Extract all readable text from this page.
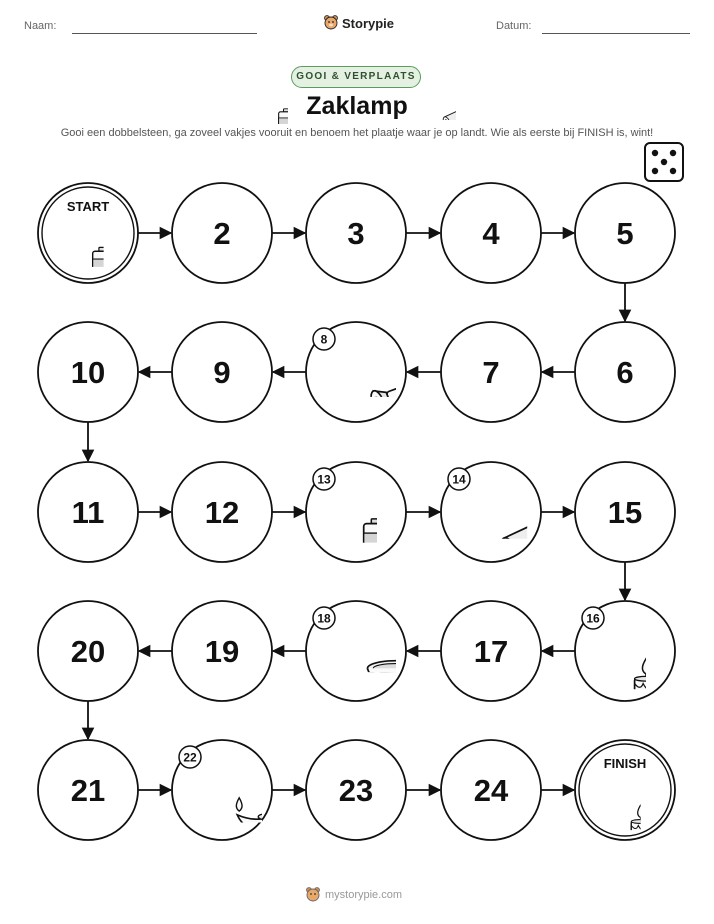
Naam:	Storypie	Datum:
GOOI & VERPLAATS
Zaklamp
Gooi een dobbelsteen, ga zoveel vakjes vooruit en benoem het plaatje waar je op landt. Wie als eerste bij FINISH is, wint!
START
2	3	4	5
6
7
8
9
10
11	12
13	14
15
16
17
18
19
20
21
22
23	24
FINISH
mystorypie.com
